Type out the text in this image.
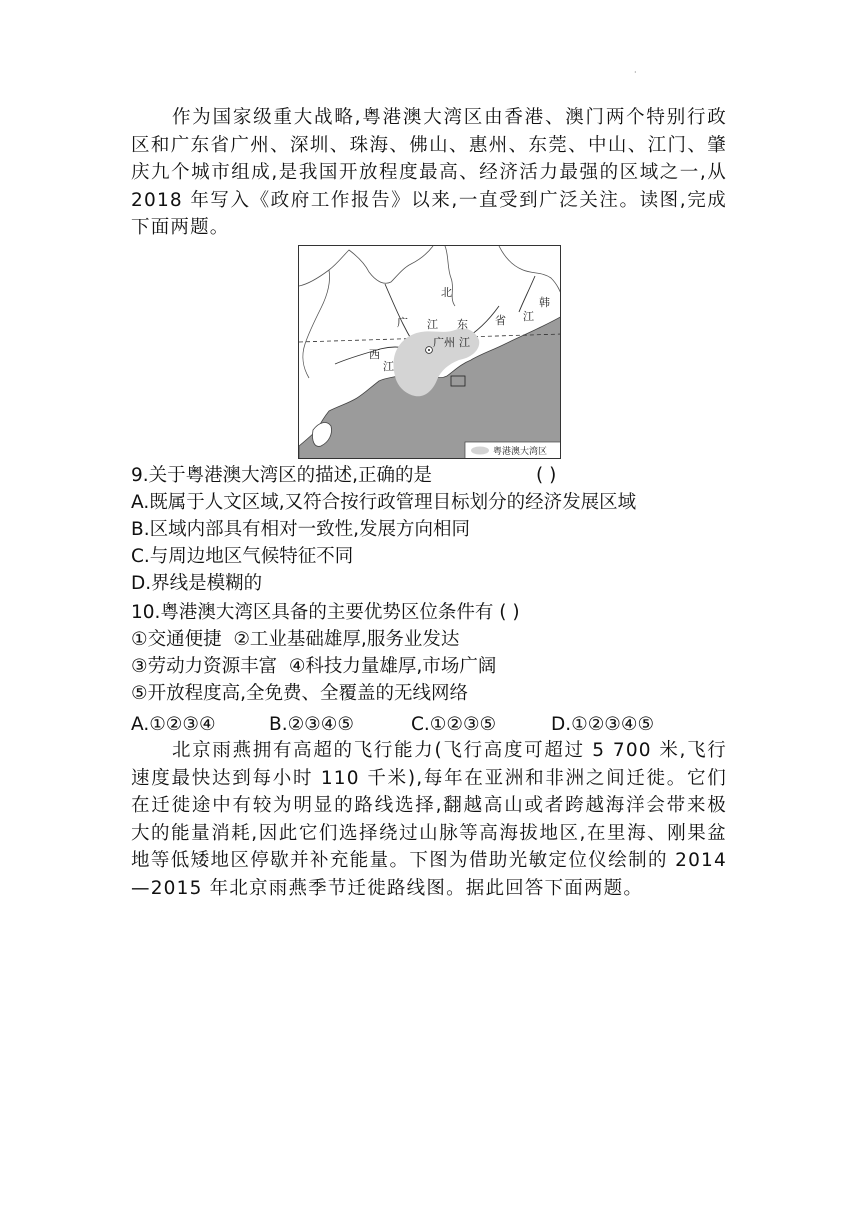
·

作为国家级重大战略,粤港澳大湾区由香港、澳门两个特别行政区和广东省广州、深圳、珠海、佛山、惠州、东莞、中山、江门、肇庆九个城市组成,是我国开放程度最高、经济活力最强的区域之一,从 2018 年写入《政府工作报告》以来,一直受到广泛关注。读图,完成下面两题。

北
广 江 东 省
韩
江
西
江
广州 江
粤港澳大湾区
9.关于粤港澳大湾区的描述,正确的是	( )
A.既属于人文区域,又符合按行政管理目标划分的经济发展区域
B.区域内部具有相对一致性,发展方向相同
C.与周边地区气候特征不同
D.界线是模糊的
10.粤港澳大湾区具备的主要优势区位条件有 ( )
①交通便捷  ②工业基础雄厚,服务业发达
③劳动力资源丰富  ④科技力量雄厚,市场广阔
⑤开放程度高,全免费、全覆盖的无线网络
A.①②③④	B.②③④⑤	C.①②③⑤	D.①②③④⑤

北京雨燕拥有高超的飞行能力(飞行高度可超过 5 700 米,飞行速度最快达到每小时 110 千米),每年在亚洲和非洲之间迁徙。它们在迁徙途中有较为明显的路线选择,翻越高山或者跨越海洋会带来极大的能量消耗,因此它们选择绕过山脉等高海拔地区,在里海、刚果盆地等低矮地区停歇并补充能量。下图为借助光敏定位仪绘制的 2014—2015 年北京雨燕季节迁徙路线图。据此回答下面两题。
